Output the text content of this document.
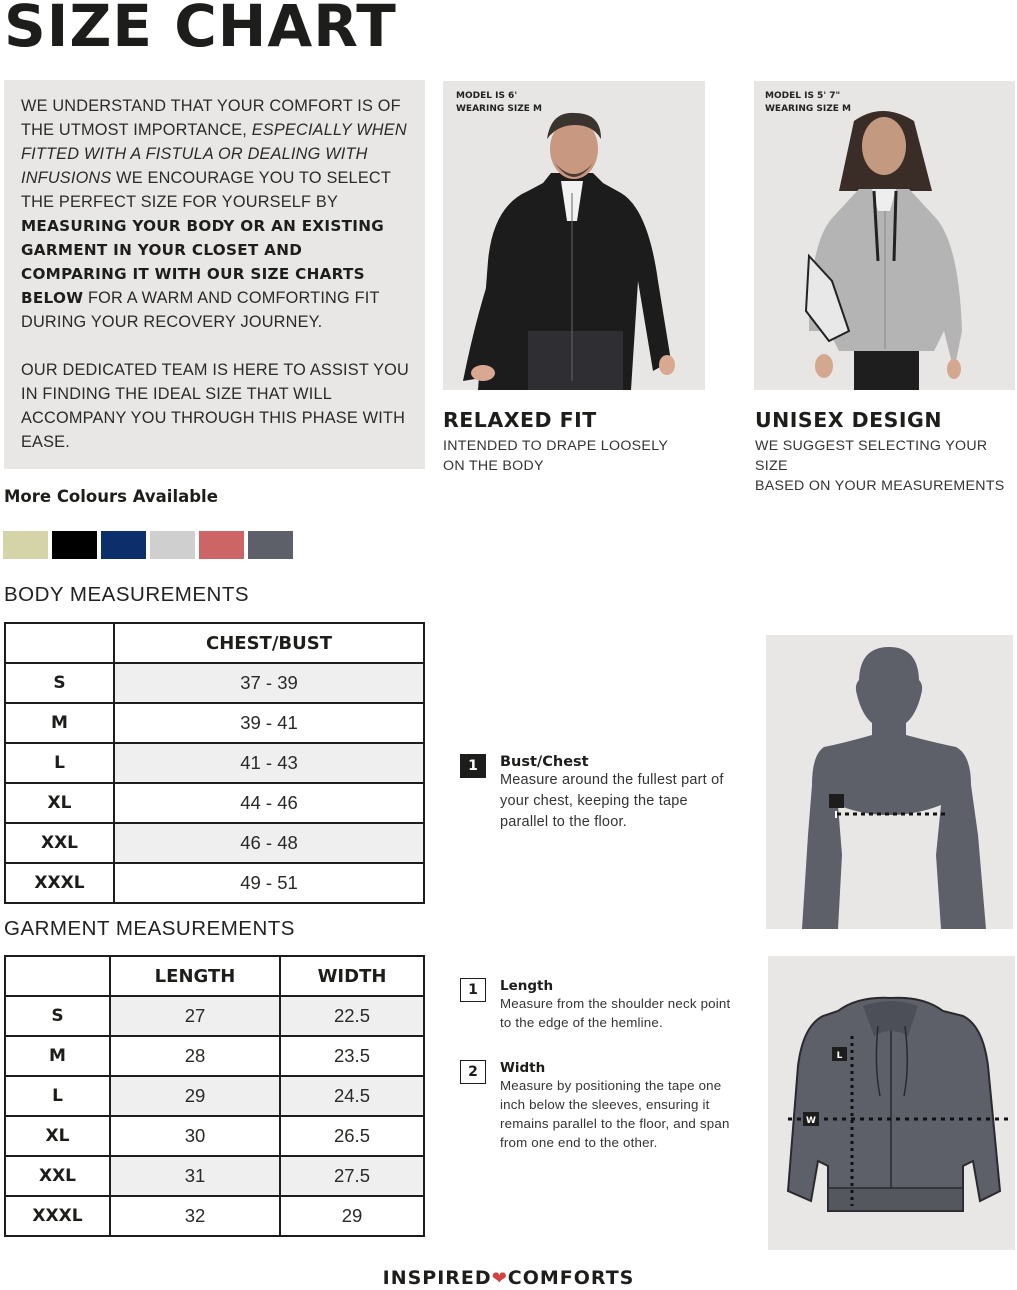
SIZE CHART

WE UNDERSTAND THAT YOUR COMFORT IS OF THE UTMOST IMPORTANCE, ESPECIALLY WHEN FITTED WITH A FISTULA OR DEALING WITH INFUSIONS WE ENCOURAGE YOU TO SELECT THE PERFECT SIZE FOR YOURSELF BY MEASURING YOUR BODY OR AN EXISTING GARMENT IN YOUR CLOSET AND COMPARING IT WITH OUR SIZE CHARTS BELOW FOR A WARM AND COMFORTING FIT DURING YOUR RECOVERY JOURNEY.

OUR DEDICATED TEAM IS HERE TO ASSIST YOU IN FINDING THE IDEAL SIZE THAT WILL ACCOMPANY YOU THROUGH THIS PHASE WITH EASE.

MODEL IS 6'
WEARING SIZE M
RELAXED FIT
INTENDED TO DRAPE LOOSELY
ON THE BODY
MODEL IS 5' 7"
WEARING SIZE M
UNISEX DESIGN
WE SUGGEST SELECTING YOUR SIZE
BASED ON YOUR MEASUREMENTS
More Colours Available
BODY MEASUREMENTS
	CHEST/BUST
S	37 - 39
M	39 - 41
L	41 - 43
XL	44 - 46
XXL	46 - 48
XXXL	49 - 51
GARMENT MEASUREMENTS
	LENGTH	WIDTH
S	27	22.5
M	28	23.5
L	29	24.5
XL	30	26.5
XXL	31	27.5
XXXL	32	29
1	Bust/Chest
Measure around the fullest part of your chest, keeping the tape parallel to the floor.
1	Length
Measure from the shoulder neck point to the edge of the hemline.
2	Width
Measure by positioning the tape one inch below the sleeves, ensuring it remains parallel to the floor, and span from one end to the other.
L
W
INSPIRED❤COMFORTS
